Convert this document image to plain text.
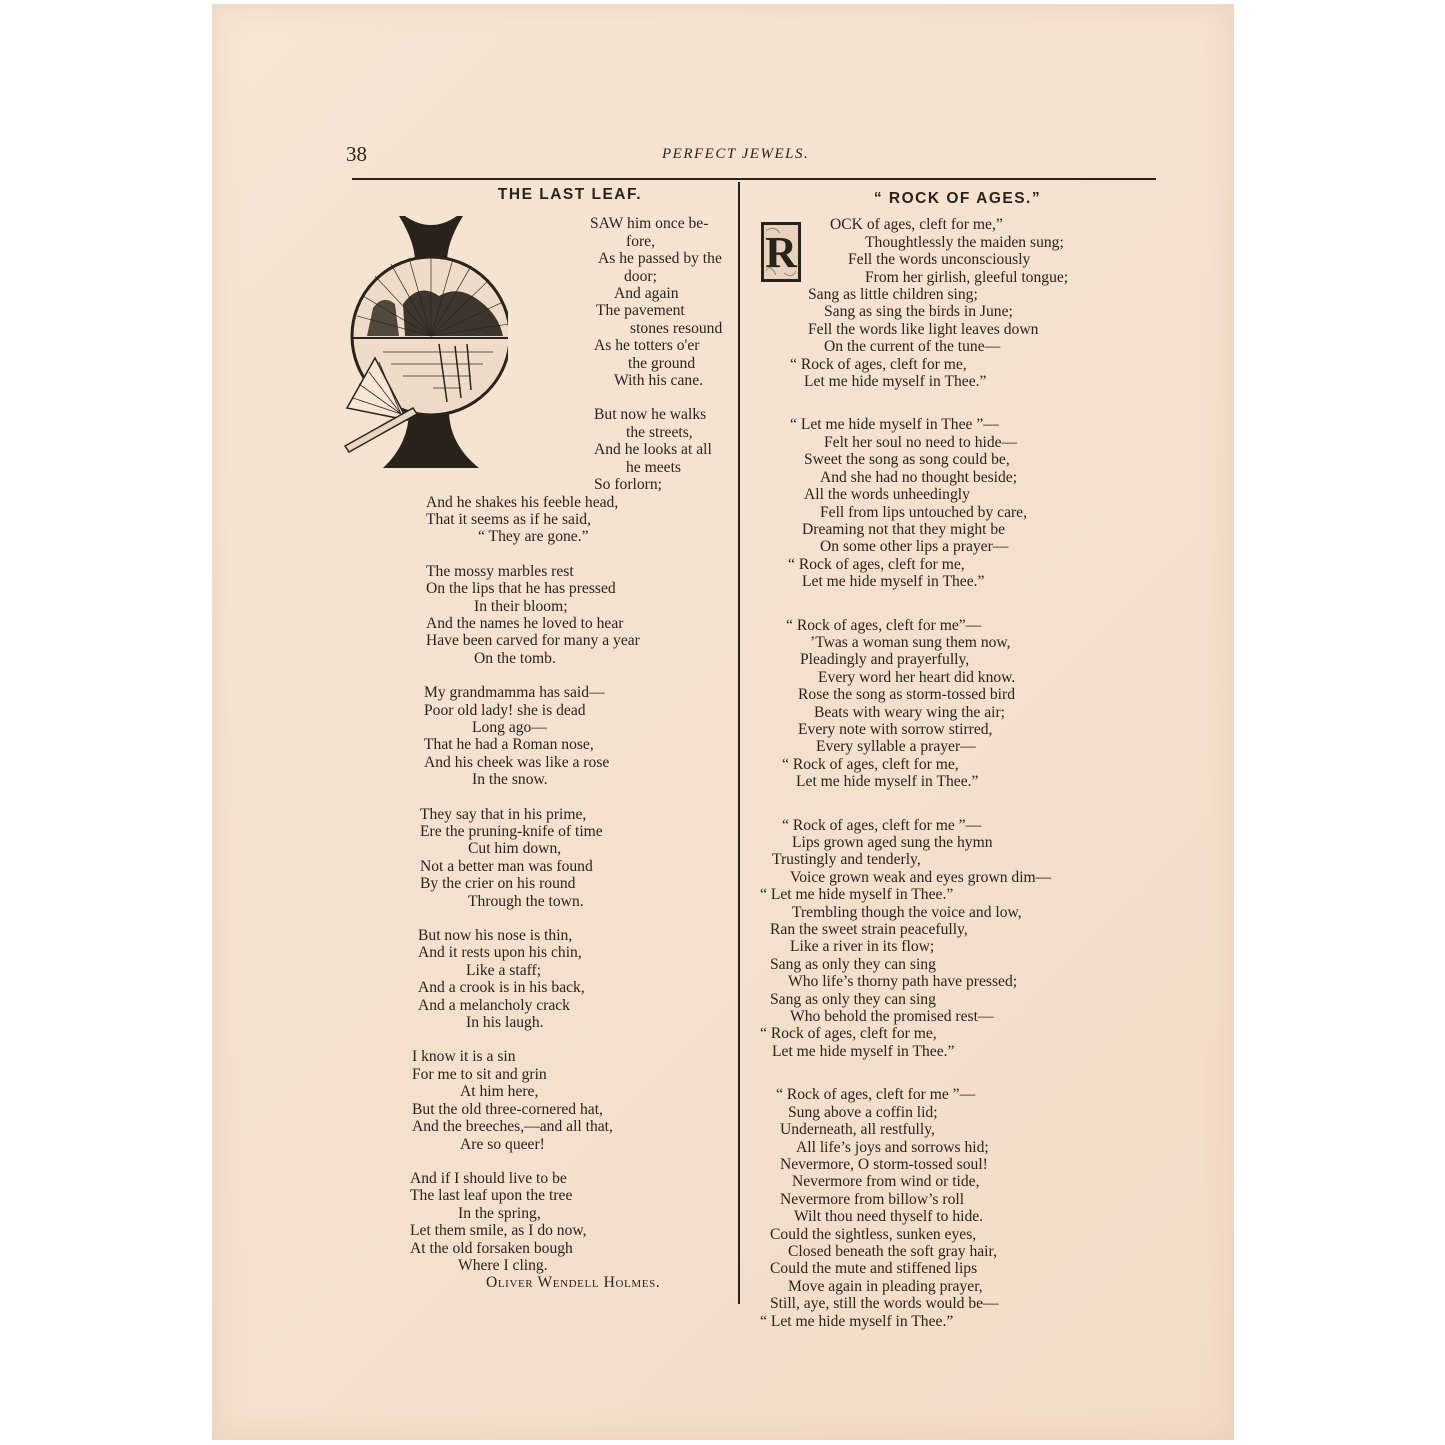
38	PERFECT JEWELS.
SDF
R
THE LAST LEAF.
SAW him once be-
fore,
As he passed by the
door;
And again
The pavement
stones resound
As he totters o'er
the ground
With his cane.
But now he walks
the streets,
And he looks at all
he meets
So forlorn;
And he shakes his feeble head,
That it seems as if he said,
“ They are gone.”
The mossy marbles rest
On the lips that he has pressed
In their bloom;
And the names he loved to hear
Have been carved for many a year
On the tomb.
My grandmamma has said—
Poor old lady! she is dead
Long ago—
That he had a Roman nose,
And his cheek was like a rose
In the snow.
They say that in his prime,
Ere the pruning-knife of time
Cut him down,
Not a better man was found
By the crier on his round
Through the town.
But now his nose is thin,
And it rests upon his chin,
Like a staff;
And a crook is in his back,
And a melancholy crack
In his laugh.
I know it is a sin
For me to sit and grin
At him here,
But the old three-cornered hat,
And the breeches,—and all that,
Are so queer!
And if I should live to be
The last leaf upon the tree
In the spring,
Let them smile, as I do now,
At the old forsaken bough
Where I cling.
Oliver Wendell Holmes.
“ ROCK OF AGES.”
OCK of ages, cleft for me,”
Thoughtlessly the maiden sung;
Fell the words unconsciously
From her girlish, gleeful tongue;
Sang as little children sing;
Sang as sing the birds in June;
Fell the words like light leaves down
On the current of the tune—
“ Rock of ages, cleft for me,
Let me hide myself in Thee.”
“ Let me hide myself in Thee ”—
Felt her soul no need to hide—
Sweet the song as song could be,
And she had no thought beside;
All the words unheedingly
Fell from lips untouched by care,
Dreaming not that they might be
On some other lips a prayer—
“ Rock of ages, cleft for me,
Let me hide myself in Thee.”
“ Rock of ages, cleft for me”—
’Twas a woman sung them now,
Pleadingly and prayerfully,
Every word her heart did know.
Rose the song as storm-tossed bird
Beats with weary wing the air;
Every note with sorrow stirred,
Every syllable a prayer—
“ Rock of ages, cleft for me,
Let me hide myself in Thee.”
“ Rock of ages, cleft for me ”—
Lips grown aged sung the hymn
Trustingly and tenderly,
Voice grown weak and eyes grown dim—
“ Let me hide myself in Thee.”
Trembling though the voice and low,
Ran the sweet strain peacefully,
Like a river in its flow;
Sang as only they can sing
Who life’s thorny path have pressed;
Sang as only they can sing
Who behold the promised rest—
“ Rock of ages, cleft for me,
Let me hide myself in Thee.”
“ Rock of ages, cleft for me ”—
Sung above a coffin lid;
Underneath, all restfully,
All life’s joys and sorrows hid;
Nevermore, O storm-tossed soul!
Nevermore from wind or tide,
Nevermore from billow’s roll
Wilt thou need thyself to hide.
Could the sightless, sunken eyes,
Closed beneath the soft gray hair,
Could the mute and stiffened lips
Move again in pleading prayer,
Still, aye, still the words would be—
“ Let me hide myself in Thee.”
